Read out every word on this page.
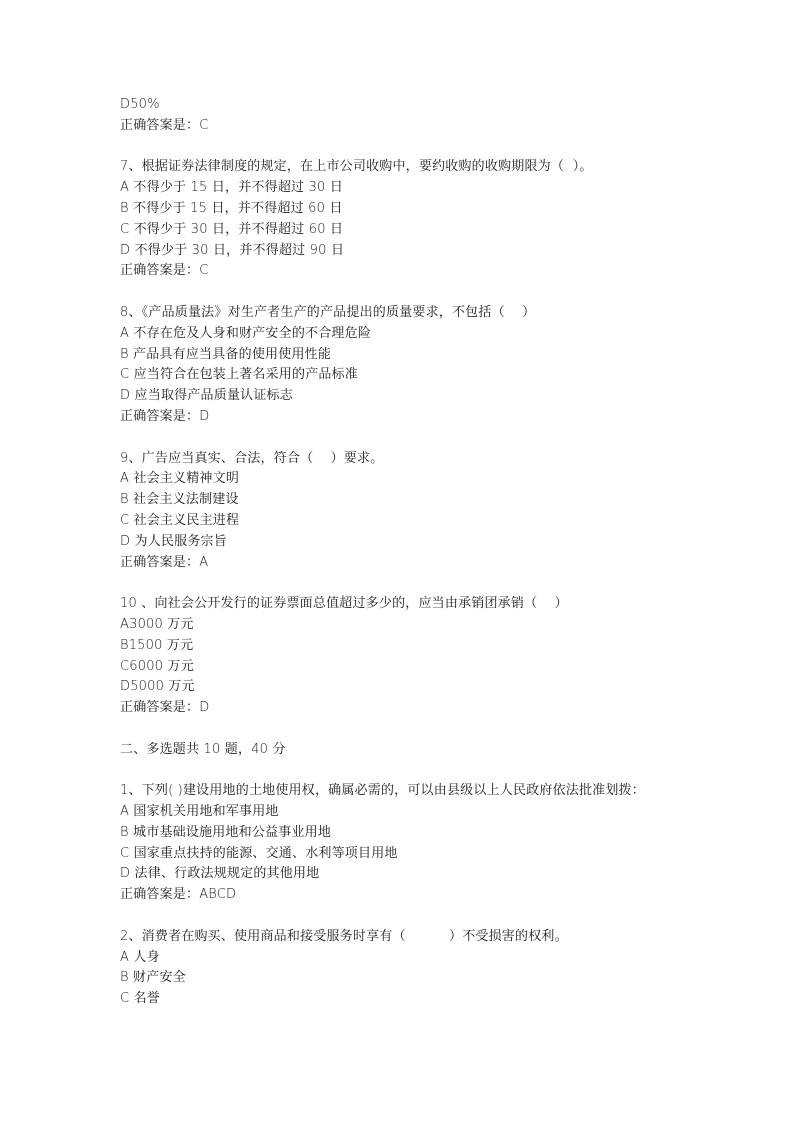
D50%
正确答案是：C
7、根据证券法律制度的规定，在上市公司收购中，要约收购的收购期限为（  ）。
A 不得少于 15 日，并不得超过 30 日
B 不得少于 15 日，并不得超过 60 日
C 不得少于 30 日，并不得超过 60 日
D 不得少于 30 日，并不得超过 90 日
正确答案是：C
8、《产品质量法》对生产者生产的产品提出的质量要求，不包括（    ）
A 不存在危及人身和财产安全的不合理危险
B 产品具有应当具备的使用使用性能
C 应当符合在包装上著名采用的产品标准
D 应当取得产品质量认证标志
正确答案是：D
9、广告应当真实、合法，符合（    ）要求。
A 社会主义精神文明
B 社会主义法制建设
C 社会主义民主进程
D 为人民服务宗旨
正确答案是：A
10 、向社会公开发行的证券票面总值超过多少的，应当由承销团承销（    ）
A3000 万元
B1500 万元
C6000 万元
D5000 万元
正确答案是：D
二、多选题共 10 题，40 分
1、下列( )建设用地的土地使用权，确属必需的，可以由县级以上人民政府依法批准划拨：
A 国家机关用地和军事用地
B 城市基础设施用地和公益事业用地
C 国家重点扶持的能源、交通、水利等项目用地
D 法律、行政法规规定的其他用地
正确答案是：ABCD
2、消费者在购买、使用商品和接受服务时享有（          ）不受损害的权利。
A 人身
B 财产安全
C 名誉
